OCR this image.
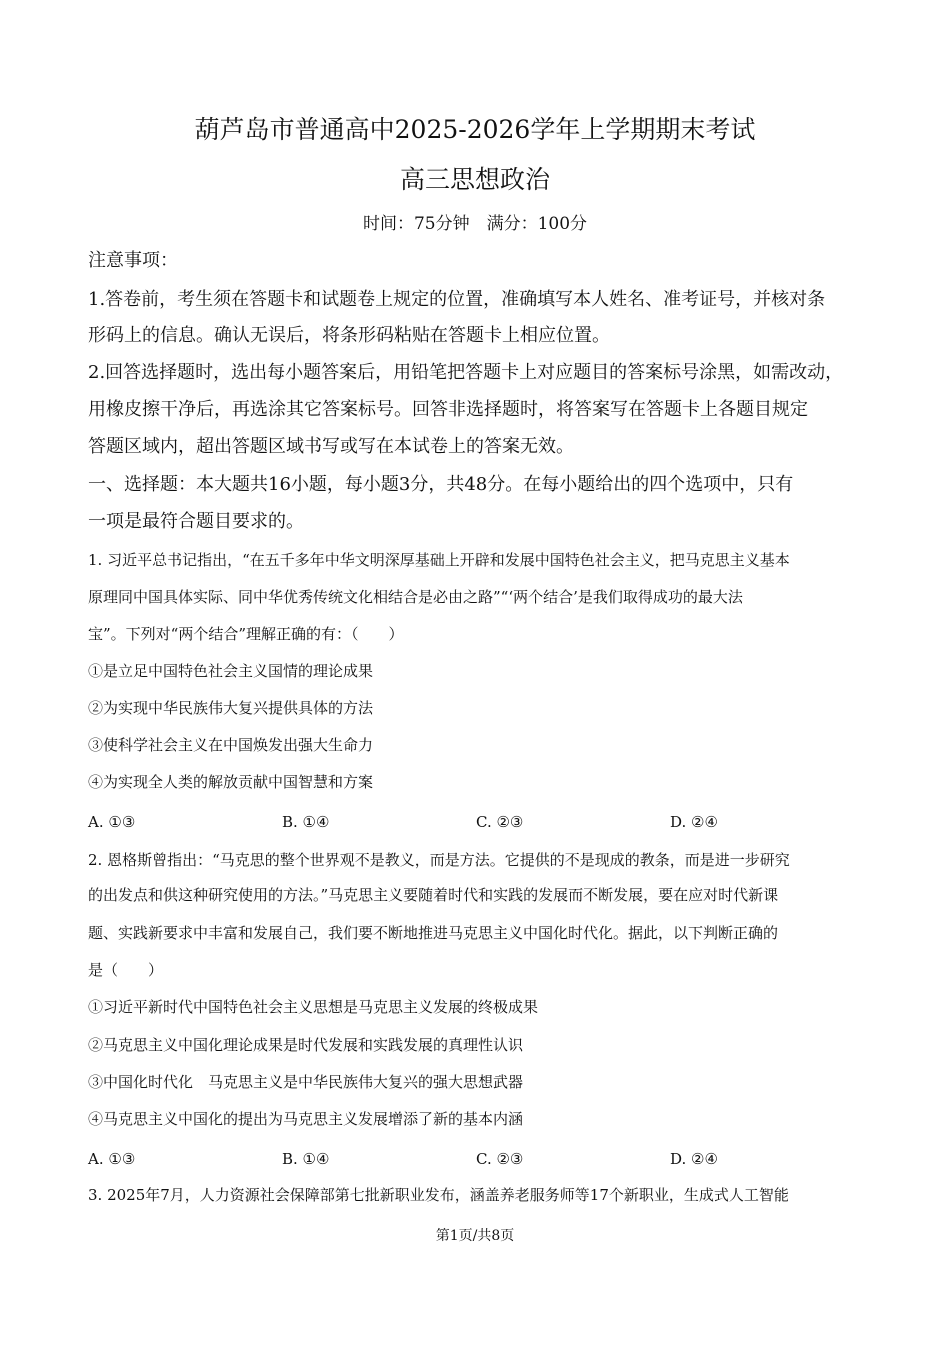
葫芦岛市普通高中2025-2026学年上学期期末考试
高三思想政治
时间：75分钟　满分：100分
注意事项：
1.答卷前，考生须在答题卡和试题卷上规定的位置，准确填写本人姓名、准考证号，并核对条
形码上的信息。确认无误后，将条形码粘贴在答题卡上相应位置。
2.回答选择题时，选出每小题答案后，用铅笔把答题卡上对应题目的答案标号涂黑，如需改动，
用橡皮擦干净后，再选涂其它答案标号。回答非选择题时，将答案写在答题卡上各题目规定
答题区域内，超出答题区域书写或写在本试卷上的答案无效。
一、选择题：本大题共16小题，每小题3分，共48分。在每小题给出的四个选项中，只有
一项是最符合题目要求的。
1. 习近平总书记指出，“在五千多年中华文明深厚基础上开辟和发展中国特色社会主义，把马克思主义基本
原理同中国具体实际、同中华优秀传统文化相结合是必由之路”“‘两个结合’是我们取得成功的最大法
宝”。下列对“两个结合”理解正确的有：（　　）
①是立足中国特色社会主义国情的理论成果
②为实现中华民族伟大复兴提供具体的方法
③使科学社会主义在中国焕发出强大生命力
④为实现全人类的解放贡献中国智慧和方案
A. ①③	B. ①④	C. ②③	D. ②④
2. 恩格斯曾指出：“马克思的整个世界观不是教义，而是方法。它提供的不是现成的教条，而是进一步研究
的出发点和供这种研究使用的方法。”马克思主义要随着时代和实践的发展而不断发展，要在应对时代新课
题、实践新要求中丰富和发展自己，我们要不断地推进马克思主义中国化时代化。据此，以下判断正确的
是（　　）
①习近平新时代中国特色社会主义思想是马克思主义发展的终极成果
②马克思主义中国化理论成果是时代发展和实践发展的真理性认识
③中国化时代化　马克思主义是中华民族伟大复兴的强大思想武器
④马克思主义中国化的提出为马克思主义发展增添了新的基本内涵
A. ①③	B. ①④	C. ②③	D. ②④
3. 2025年7月，人力资源社会保障部第七批新职业发布，涵盖养老服务师等17个新职业，生成式人工智能
第1页/共8页
